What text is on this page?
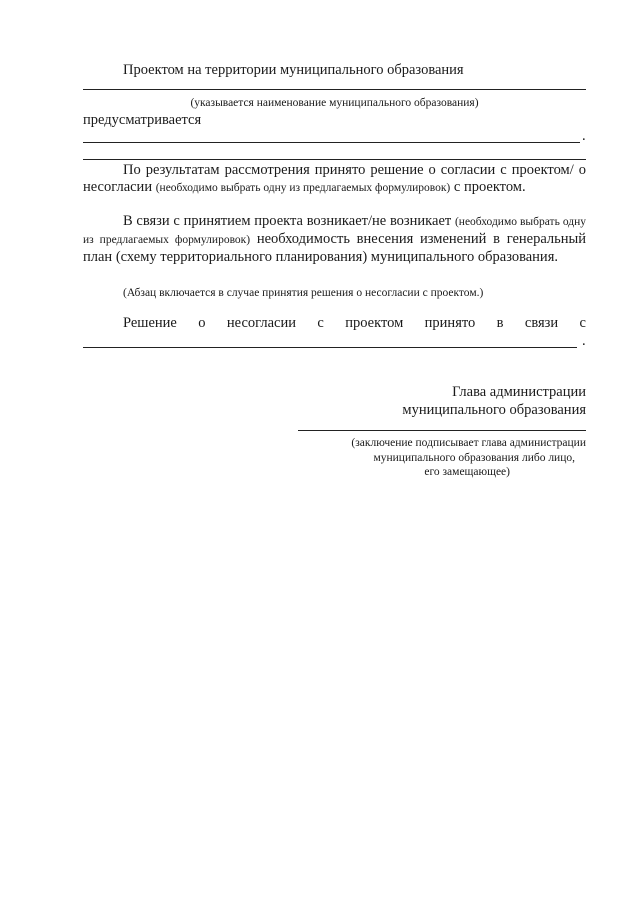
Проектом на территории муниципального образования
(указывается наименование муниципального образования)
предусматривается
.
По результатам рассмотрения принято решение о согласии с проектом/ о несогласии (необходимо выбрать одну из предлагаемых формулировок) с проектом.
В связи с принятием проекта возникает/не возникает (необходимо выбрать одну из предлагаемых формулировок) необходимость внесения изменений в генеральный план (схему территориального планирования) муниципального образования.
(Абзац включается в случае принятия решения о несогласии с проектом.)
Решение о несогласии с проектом принято в связи с
.
Глава администрации
муниципального образования
(заключение подписывает глава администрации
муниципального образования либо лицо,
его замещающее)
